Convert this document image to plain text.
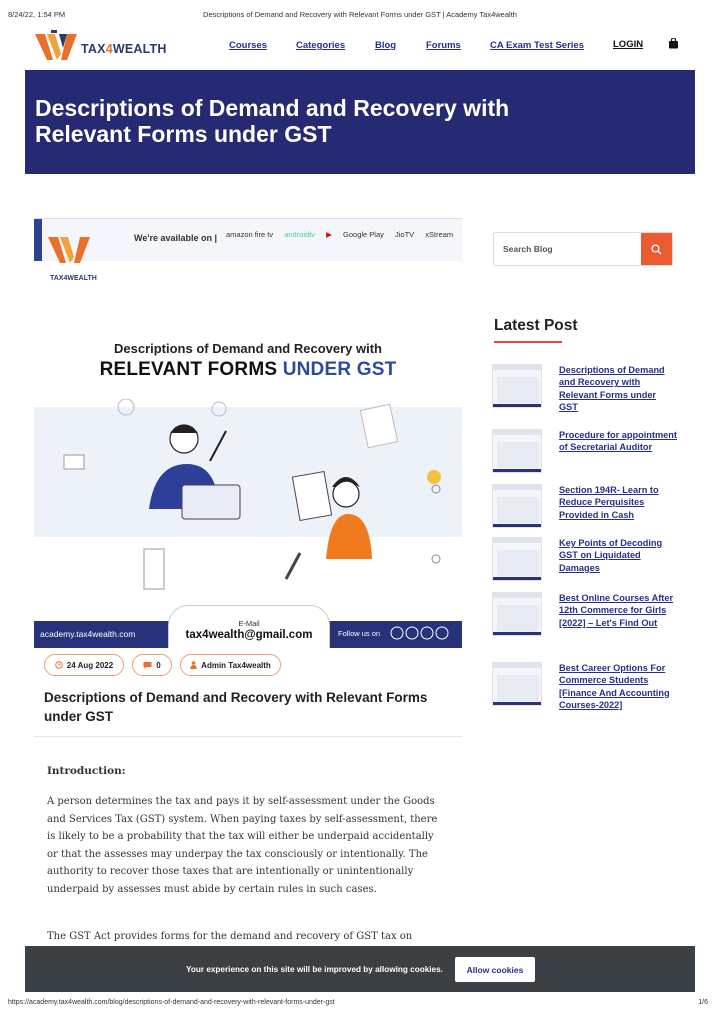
8/24/22, 1:54 PM	Descriptions of Demand and Recovery with Relevant Forms under GST | Academy Tax4wealth
TAX4WEALTH	Courses	Categories	Blog	Forums	CA Exam Test Series	LOGIN
Descriptions of Demand and Recovery with Relevant Forms under GST
We're available on | amazon fire tv androidtv ▶ Google Play JioTV xStream
TAX4WEALTH
Descriptions of Demand and Recovery with
RELEVANT FORMS UNDER GST
academy.tax4wealth.com
E-Mail
tax4wealth@gmail.com	Follow us on
24 Aug 2022	0	Admin Tax4wealth
Descriptions of Demand and Recovery with Relevant Forms under GST
Introduction:

A person determines the tax and pays it by self-assessment under the Goods and Services Tax (GST) system. When paying taxes by self-assessment, there is likely to be a probability that the tax will either be underpaid accidentally or that the assesses may underpay the tax consciously or intentionally. The authority to recover those taxes that are intentionally or unintentionally underpaid by assesses must abide by certain rules in such cases.

The GST Act provides forms for the demand and recovery of GST tax on

Search Blog
Latest Post
Descriptions of Demand and Recovery with Relevant Forms under GST
Procedure for appointment of Secretarial Auditor
Section 194R- Learn to Reduce Perquisites Provided in Cash
Key Points of Decoding GST on Liquidated Damages
Best Online Courses After 12th Commerce for Girls [2022] – Let's Find Out
Best Career Options For Commerce Students [Finance And Accounting Courses-2022]
Your experience on this site will be improved by allowing cookies.	Allow cookies
https://academy.tax4wealth.com/blog/descriptions-of-demand-and-recovery-with-relevant-forms-under-gst	1/6
